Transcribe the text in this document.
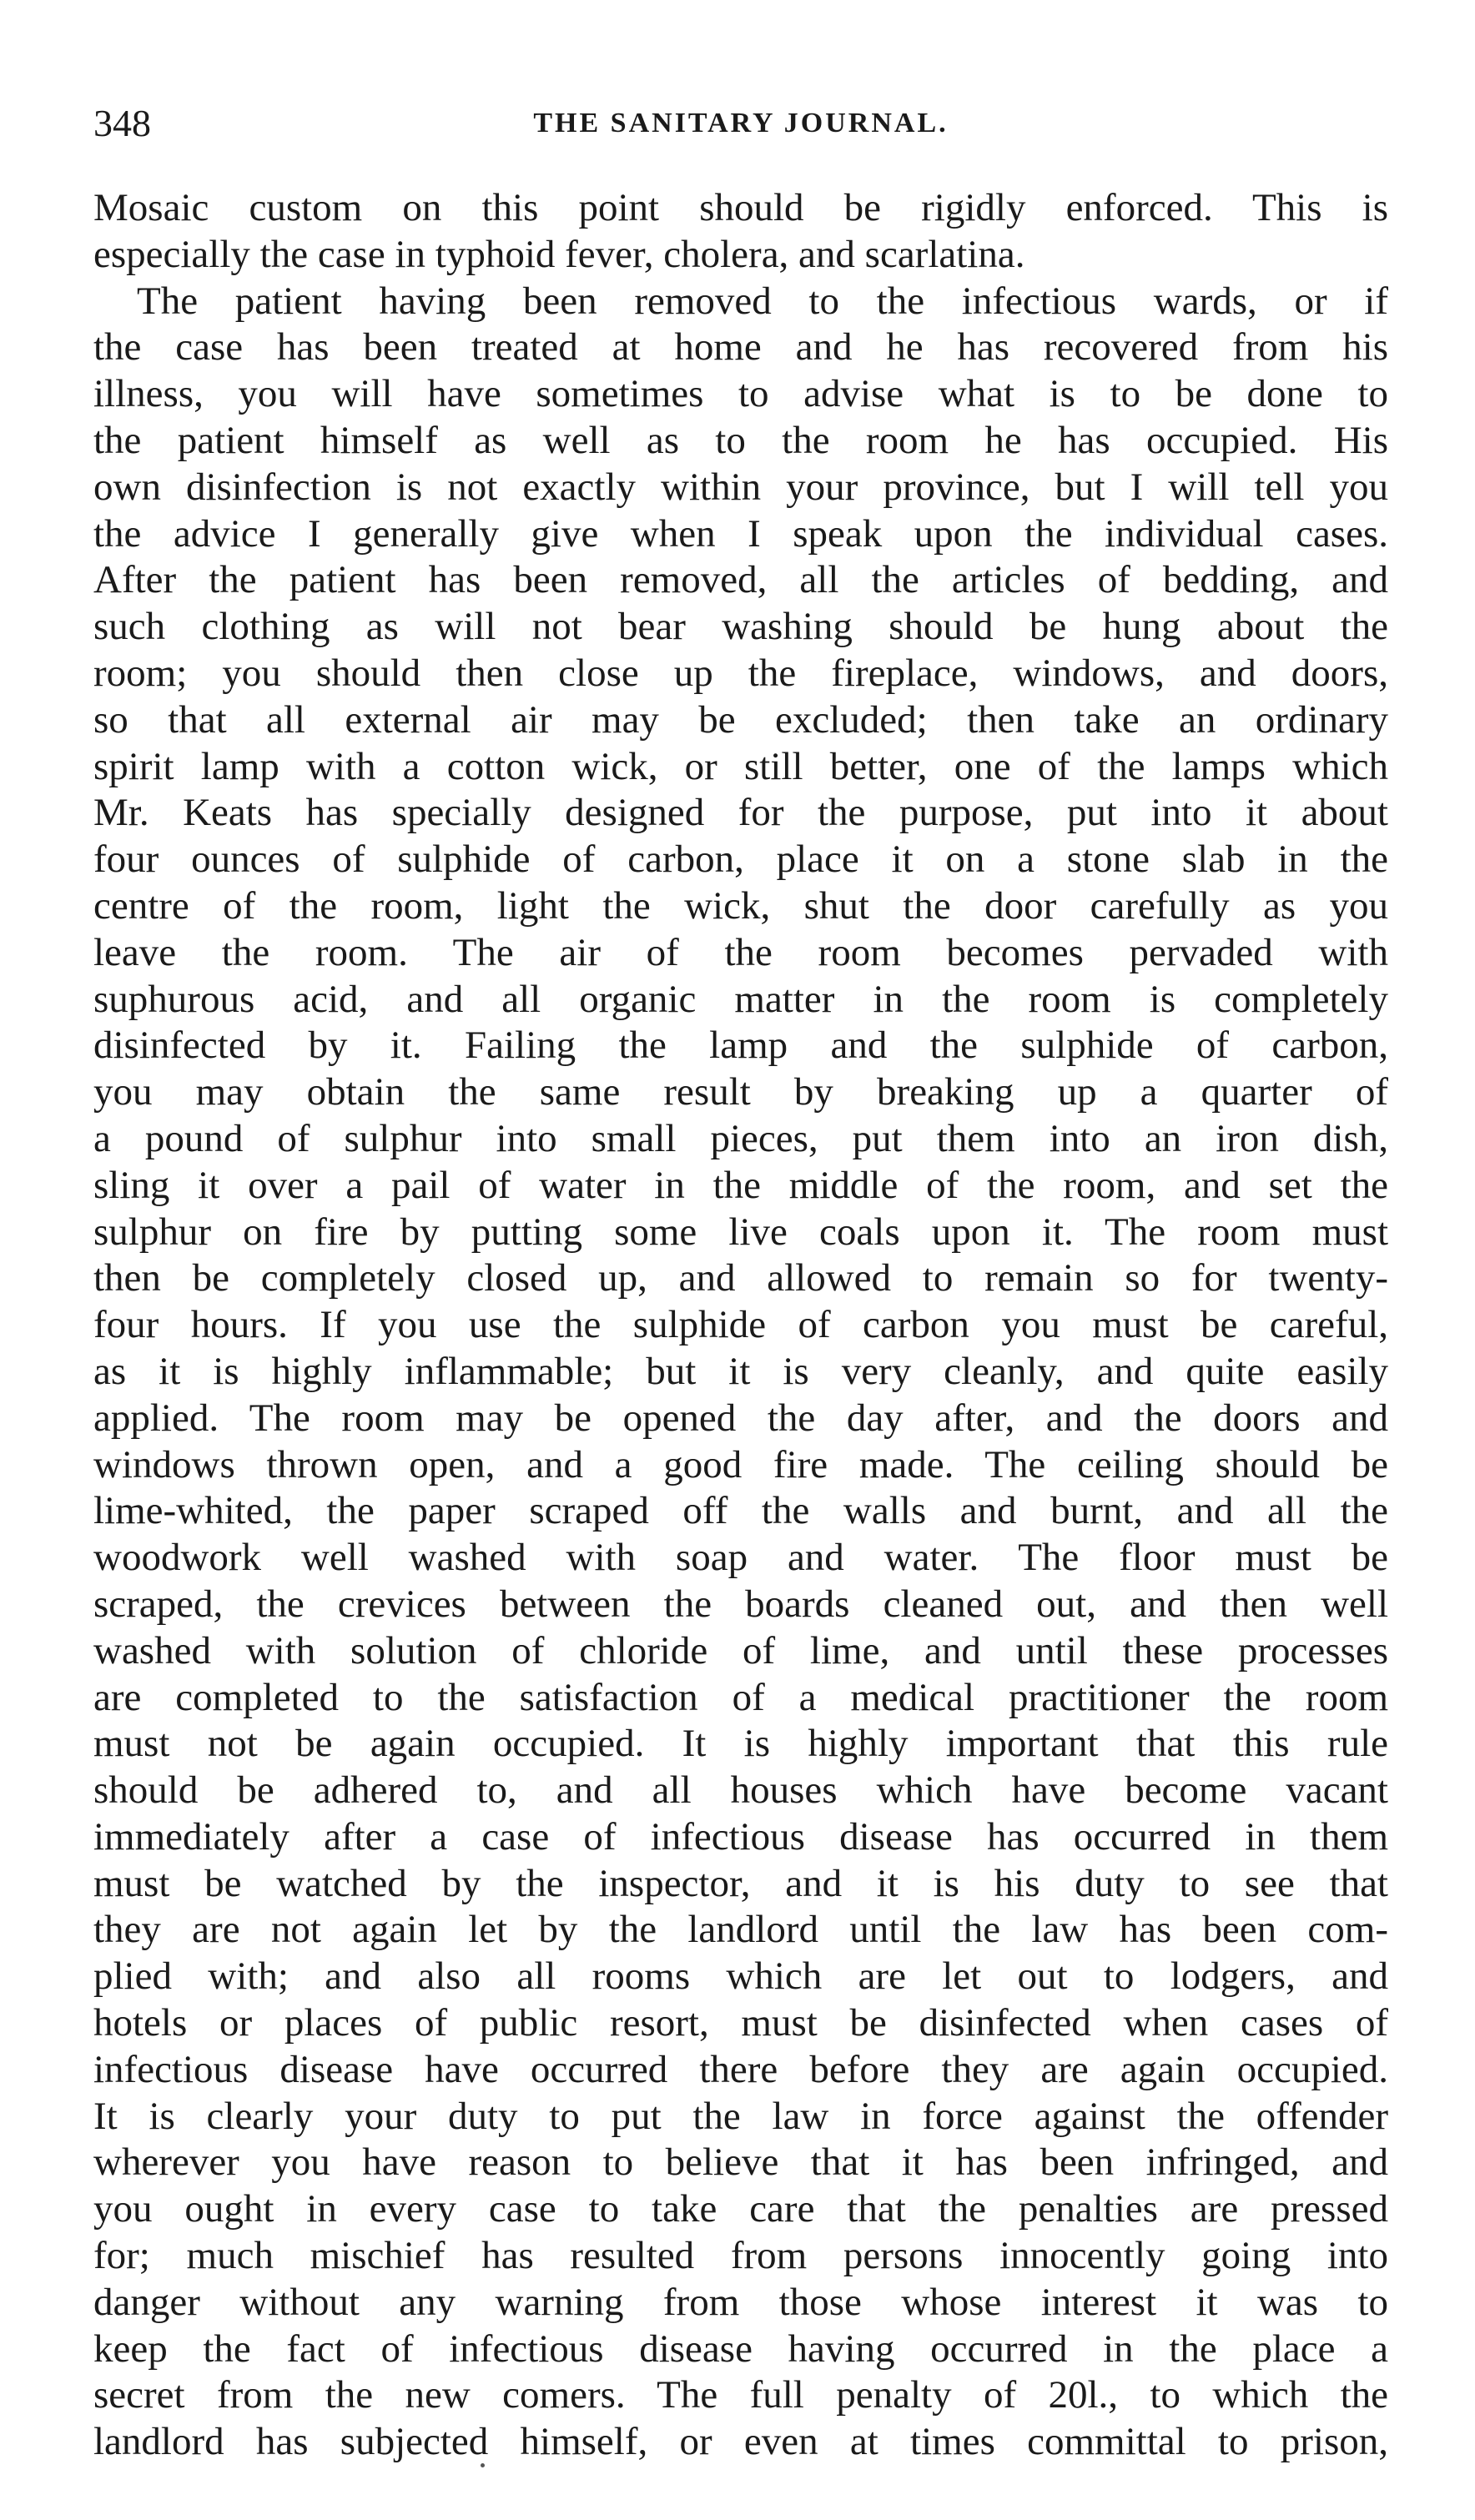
348	THE SANITARY JOURNAL.
Mosaic custom on this point should be rigidly enforced. This is
especially the case in typhoid fever, cholera, and scarlatina.
The patient having been removed to the infectious wards, or if
the case has been treated at home and he has recovered from his
illness, you will have sometimes to advise what is to be done to
the patient himself as well as to the room he has occupied. His
own disinfection is not exactly within your province, but I will tell you
the advice I generally give when I speak upon the individual cases.
After the patient has been removed, all the articles of bedding, and
such clothing as will not bear washing should be hung about the
room; you should then close up the fireplace, windows, and doors,
so that all external air may be excluded; then take an ordinary
spirit lamp with a cotton wick, or still better, one of the lamps which
Mr. Keats has specially designed for the purpose, put into it about
four ounces of sulphide of carbon, place it on a stone slab in the
centre of the room, light the wick, shut the door carefully as you
leave the room. The air of the room becomes pervaded with
suphurous acid, and all organic matter in the room is completely
disinfected by it. Failing the lamp and the sulphide of carbon,
you may obtain the same result by breaking up a quarter of
a pound of sulphur into small pieces, put them into an iron dish,
sling it over a pail of water in the middle of the room, and set the
sulphur on fire by putting some live coals upon it. The room must
then be completely closed up, and allowed to remain so for twenty-
four hours. If you use the sulphide of carbon you must be careful,
as it is highly inflammable; but it is very cleanly, and quite easily
applied. The room may be opened the day after, and the doors and
windows thrown open, and a good fire made. The ceiling should be
lime-whited, the paper scraped off the walls and burnt, and all the
woodwork well washed with soap and water. The floor must be
scraped, the crevices between the boards cleaned out, and then well
washed with solution of chloride of lime, and until these processes
are completed to the satisfaction of a medical practitioner the room
must not be again occupied. It is highly important that this rule
should be adhered to, and all houses which have become vacant
immediately after a case of infectious disease has occurred in them
must be watched by the inspector, and it is his duty to see that
they are not again let by the landlord until the law has been com-
plied with; and also all rooms which are let out to lodgers, and
hotels or places of public resort, must be disinfected when cases of
infectious disease have occurred there before they are again occupied.
It is clearly your duty to put the law in force against the offender
wherever you have reason to believe that it has been infringed, and
you ought in every case to take care that the penalties are pressed
for; much mischief has resulted from persons innocently going into
danger without any warning from those whose interest it was to
keep the fact of infectious disease having occurred in the place a
secret from the new comers. The full penalty of 20l., to which the
landlord has subjected himself, or even at times committal to prison,
